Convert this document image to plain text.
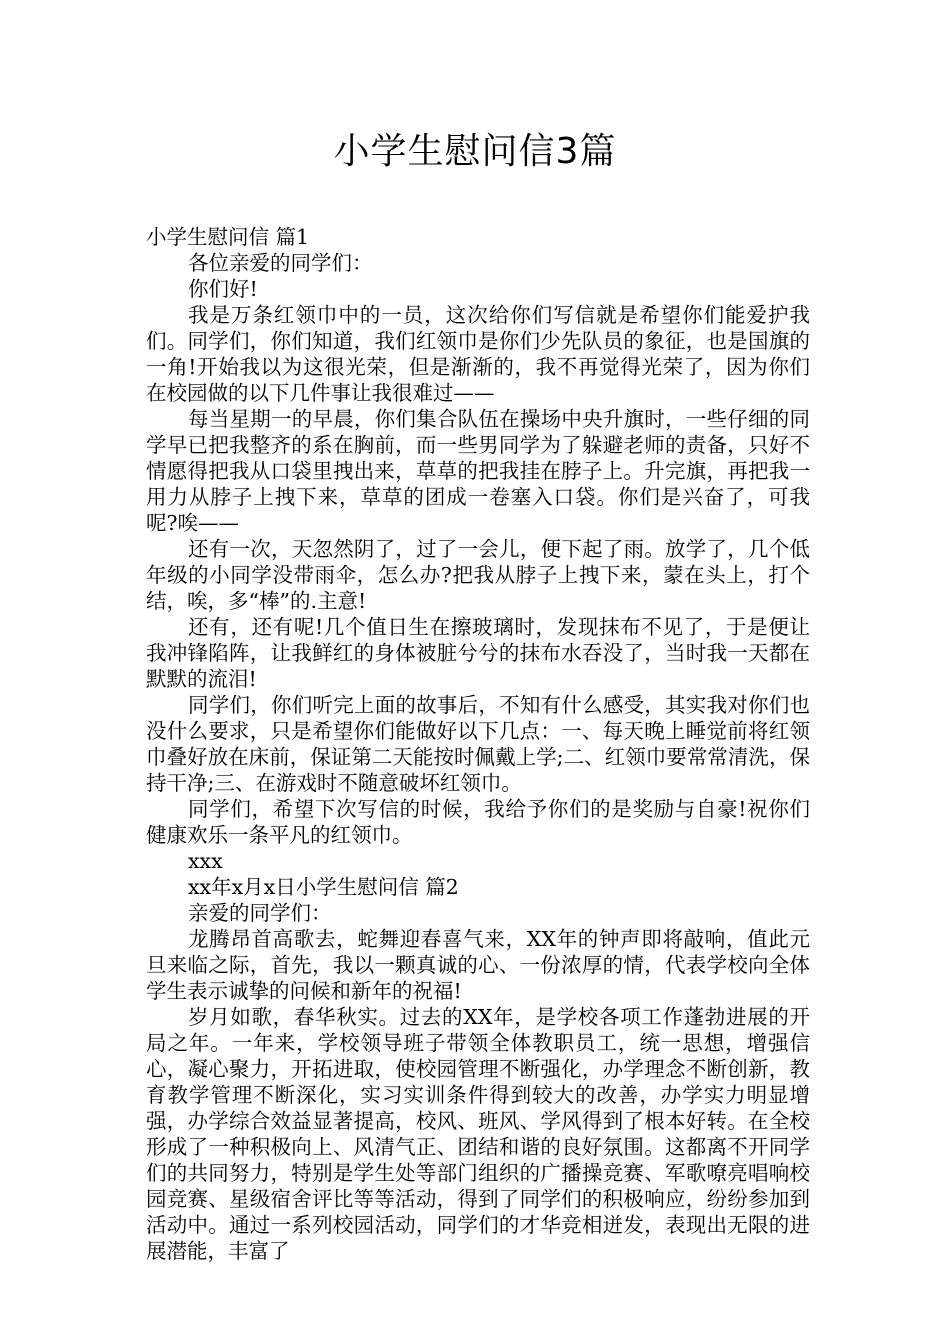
小学生慰问信3篇

小学生慰问信 篇1

各位亲爱的同学们：

你们好!

我是万条红领巾中的一员，这次给你们写信就是希望你们能爱护我们。同学们，你们知道，我们红领巾是你们少先队员的象征，也是国旗的一角!开始我以为这很光荣，但是渐渐的，我不再觉得光荣了，因为你们在校园做的以下几件事让我很难过——

每当星期一的早晨，你们集合队伍在操场中央升旗时，一些仔细的同学早已把我整齐的系在胸前，而一些男同学为了躲避老师的责备，只好不情愿得把我从口袋里拽出来，草草的把我挂在脖子上。升完旗，再把我一用力从脖子上拽下来，草草的团成一卷塞入口袋。你们是兴奋了，可我呢?唉——

还有一次，天忽然阴了，过了一会儿，便下起了雨。放学了，几个低年级的小同学没带雨伞，怎么办?把我从脖子上拽下来，蒙在头上，打个结，唉，多“棒”的.主意!

还有，还有呢!几个值日生在擦玻璃时，发现抹布不见了，于是便让我冲锋陷阵，让我鲜红的身体被脏兮兮的抹布水吞没了，当时我一天都在默默的流泪!

同学们，你们听完上面的故事后，不知有什么感受，其实我对你们也没什么要求，只是希望你们能做好以下几点：一、每天晚上睡觉前将红领巾叠好放在床前，保证第二天能按时佩戴上学;二、红领巾要常常清洗，保持干净;三、在游戏时不随意破坏红领巾。

同学们，希望下次写信的时候，我给予你们的是奖励与自豪!祝你们健康欢乐一条平凡的红领巾。

xxx

xx年x月x日小学生慰问信 篇2

亲爱的同学们：

龙腾昂首高歌去，蛇舞迎春喜气来，XX年的钟声即将敲响，值此元旦来临之际，首先，我以一颗真诚的心、一份浓厚的情，代表学校向全体学生表示诚挚的问候和新年的祝福!

岁月如歌，春华秋实。过去的XX年，是学校各项工作蓬勃进展的开局之年。一年来，学校领导班子带领全体教职员工，统一思想，增强信心，凝心聚力，开拓进取，使校园管理不断强化，办学理念不断创新，教育教学管理不断深化，实习实训条件得到较大的改善，办学实力明显增强，办学综合效益显著提高，校风、班风、学风得到了根本好转。在全校形成了一种积极向上、风清气正、团结和谐的良好氛围。这都离不开同学们的共同努力，特别是学生处等部门组织的广播操竞赛、军歌嘹亮唱响校园竞赛、星级宿舍评比等等活动，得到了同学们的积极响应，纷纷参加到活动中。通过一系列校园活动，同学们的才华竞相迸发，表现出无限的进展潜能，丰富了
